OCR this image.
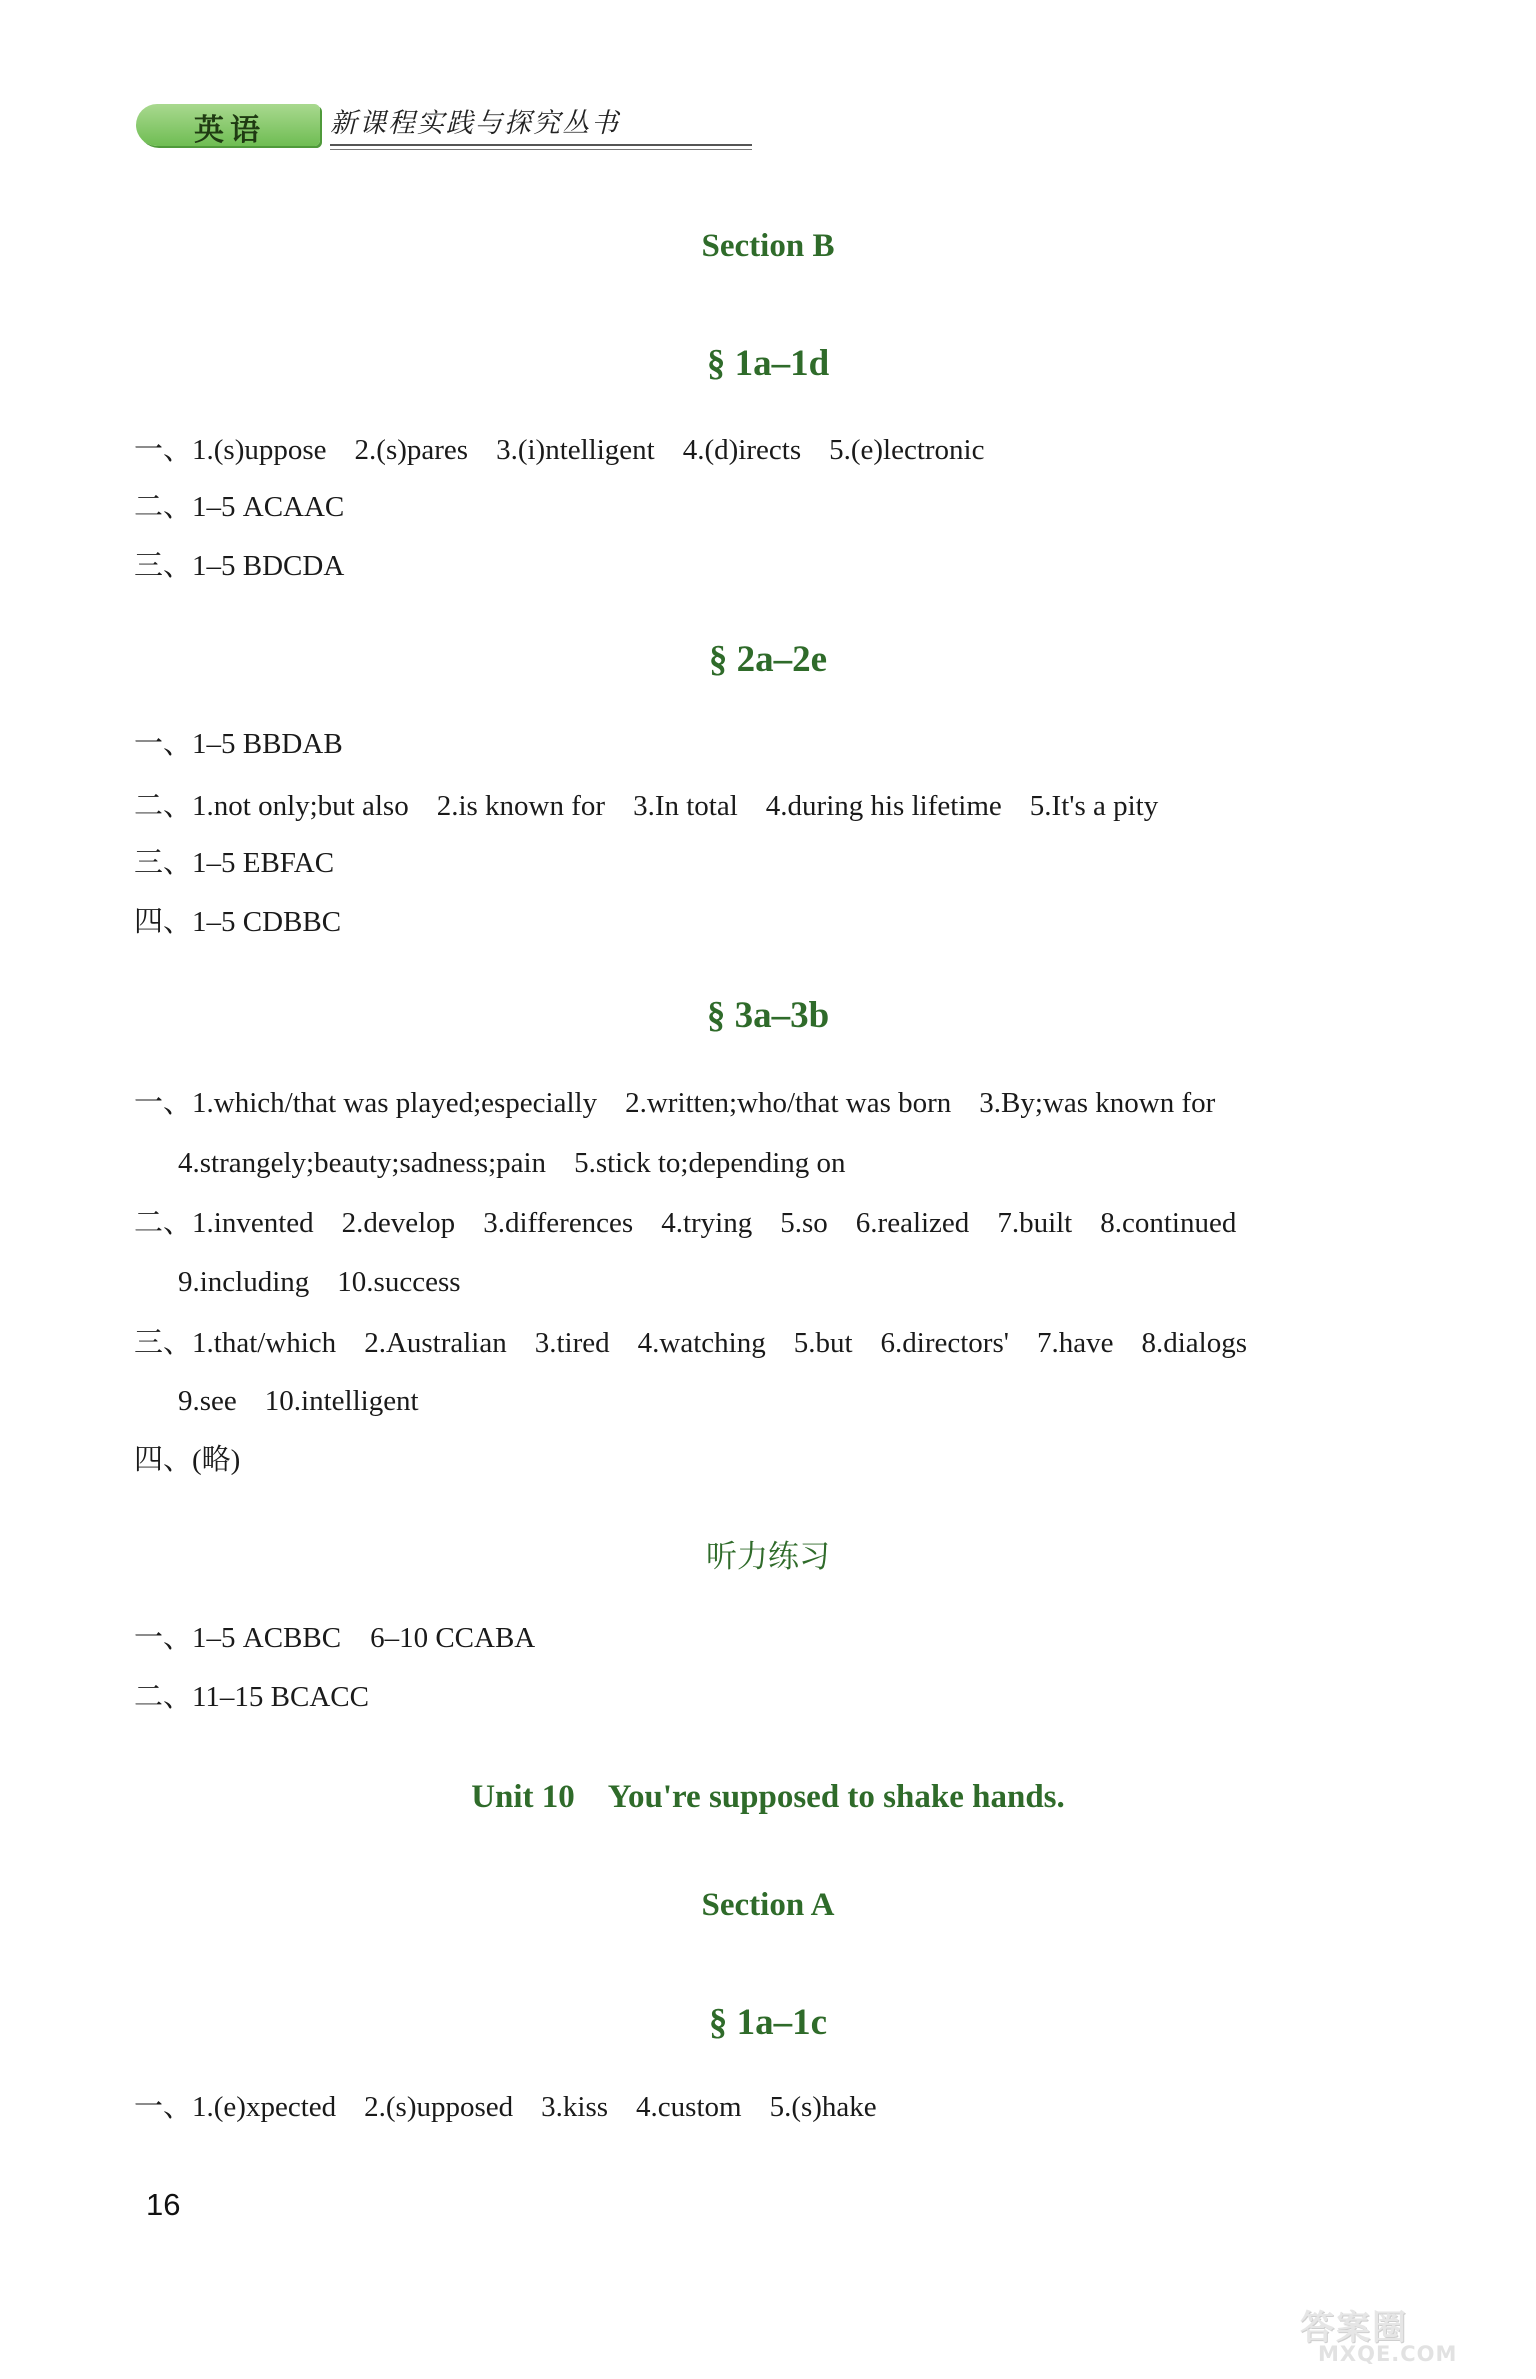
英语 新课程实践与探究丛书
Section B
§ 1a–1d
一、1.(s)uppose 2.(s)pares 3.(i)ntelligent 4.(d)irects 5.(e)lectronic
二、1–5 ACAAC
三、1–5 BDCDA
§ 2a–2e
一、1–5 BBDAB
二、1.not only;but also 2.is known for 3.In total 4.during his lifetime 5.It's a pity
三、1–5 EBFAC
四、1–5 CDBBC
§ 3a–3b
一、1.which/that was played;especially 2.written;who/that was born 3.By;was known for
4.strangely;beauty;sadness;pain 5.stick to;depending on
二、1.invented 2.develop 3.differences 4.trying 5.so 6.realized 7.built 8.continued
9.including 10.success
三、1.that/which 2.Australian 3.tired 4.watching 5.but 6.directors' 7.have 8.dialogs
9.see 10.intelligent
四、(略)
听力练习
一、1–5 ACBBC　6–10 CCABA
二、11–15 BCACC
Unit 10　You're supposed to shake hands.
Section A
§ 1a–1c
一、1.(e)xpected 2.(s)upposed 3.kiss 4.custom 5.(s)hake
16
答案圈
MXQE.COM
